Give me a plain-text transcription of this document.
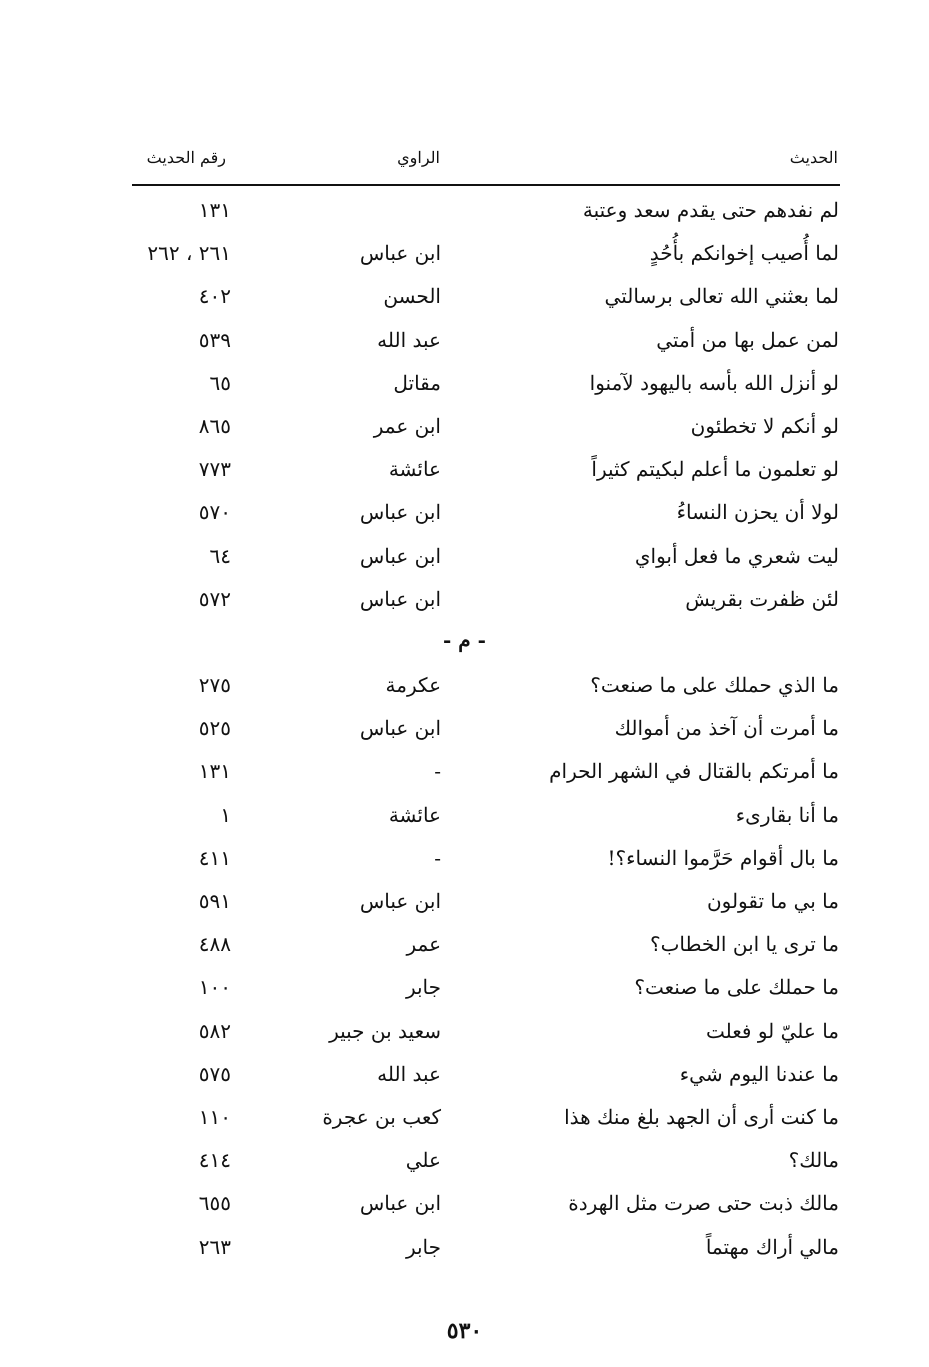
الحديث
الراوي
رقم الحديث
لم نفدهم حتى يقدم سعد وعتبة
١٣١
لما أُصيب إخوانكم بأُحُدٍ
ابن عباس
٢٦١ ، ٢٦٢
لما بعثني الله تعالى برسالتي
الحسن
٤٠٢
لمن عمل بها من أمتي
عبد الله
٥٣٩
لو أنزل الله بأسه باليهود لآمنوا
مقاتل
٦٥
لو أنكم لا تخطئون
ابن عمر
٨٦٥
لو تعلمون ما أعلم لبكيتم كثيراً
عائشة
٧٧٣
لولا أن يحزن النساءُ
ابن عباس
٥٧٠
ليت شعري ما فعل أبواي
ابن عباس
٦٤
لئن ظفرت بقريش
ابن عباس
٥٧٢
- م -
ما الذي حملك على ما صنعت؟
عكرمة
٢٧٥
ما أمرت أن آخذ من أموالك
ابن عباس
٥٢٥
ما أمرتكم بالقتال في الشهر الحرام
-
١٣١
ما أنا بقارىء
عائشة
١
ما بال أقوام حَرَّموا النساء؟!
-
٤١١
ما بي ما تقولون
ابن عباس
٥٩١
ما ترى يا ابن الخطاب؟
عمر
٤٨٨
ما حملك على ما صنعت؟
جابر
١٠٠
ما عليّ لو فعلت
سعيد بن جبير
٥٨٢
ما عندنا اليوم شيء
عبد الله
٥٧٥
ما كنت أرى أن الجهد بلغ منك هذا
كعب بن عجرة
١١٠
مالك؟
علي
٤١٤
مالك ذبت حتى صرت مثل الهردة
ابن عباس
٦٥٥
مالي أراك مهتماً
جابر
٢٦٣
٥٣٠
